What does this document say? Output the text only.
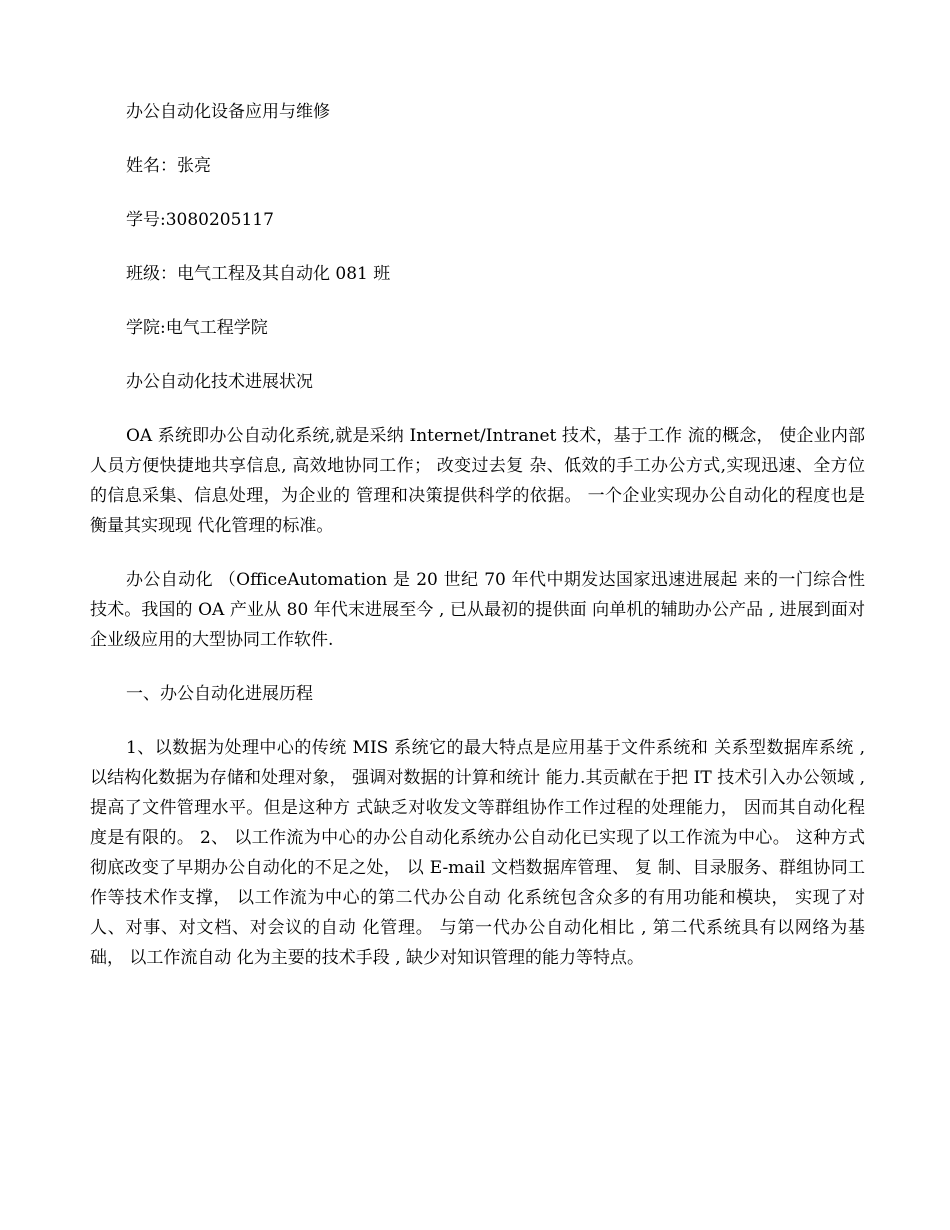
办公自动化设备应用与维修
姓名：张亮
学号:3080205117
班级：电气工程及其自动化 081 班
学院:电气工程学院
办公自动化技术进展状况

OA 系统即办公自动化系统,就是采纳 Internet/Intranet 技术，基于工作 流的概念， 使企业内部人员方便快捷地共享信息, 高效地协同工作； 改变过去复 杂、低效的手工办公方式,实现迅速、全方位的信息采集、信息处理，为企业的 管理和决策提供科学的依据。 一个企业实现办公自动化的程度也是衡量其实现现 代化管理的标准。

办公自动化 （OfficeAutomation 是 20 世纪 70 年代中期发达国家迅速进展起 来的一门综合性技术。我国的 OA 产业从 80 年代末进展至今 , 已从最初的提供面 向单机的辅助办公产品 , 进展到面对企业级应用的大型协同工作软件.

一、办公自动化进展历程

1、以数据为处理中心的传统 MIS 系统它的最大特点是应用基于文件系统和 关系型数据库系统 , 以结构化数据为存储和处理对象， 强调对数据的计算和统计 能力.其贡献在于把 IT 技术引入办公领域 , 提高了文件管理水平。但是这种方 式缺乏对收发文等群组协作工作过程的处理能力， 因而其自动化程度是有限的。 2、 以工作流为中心的办公自动化系统办公自动化已实现了以工作流为中心。 这种方式彻底改变了早期办公自动化的不足之处， 以 E-mail 文档数据库管理、 复 制、目录服务、群组协同工作等技术作支撑， 以工作流为中心的第二代办公自动 化系统包含众多的有用功能和模块， 实现了对人、对事、对文档、对会议的自动 化管理。 与第一代办公自动化相比 , 第二代系统具有以网络为基础， 以工作流自动 化为主要的技术手段 , 缺少对知识管理的能力等特点。
